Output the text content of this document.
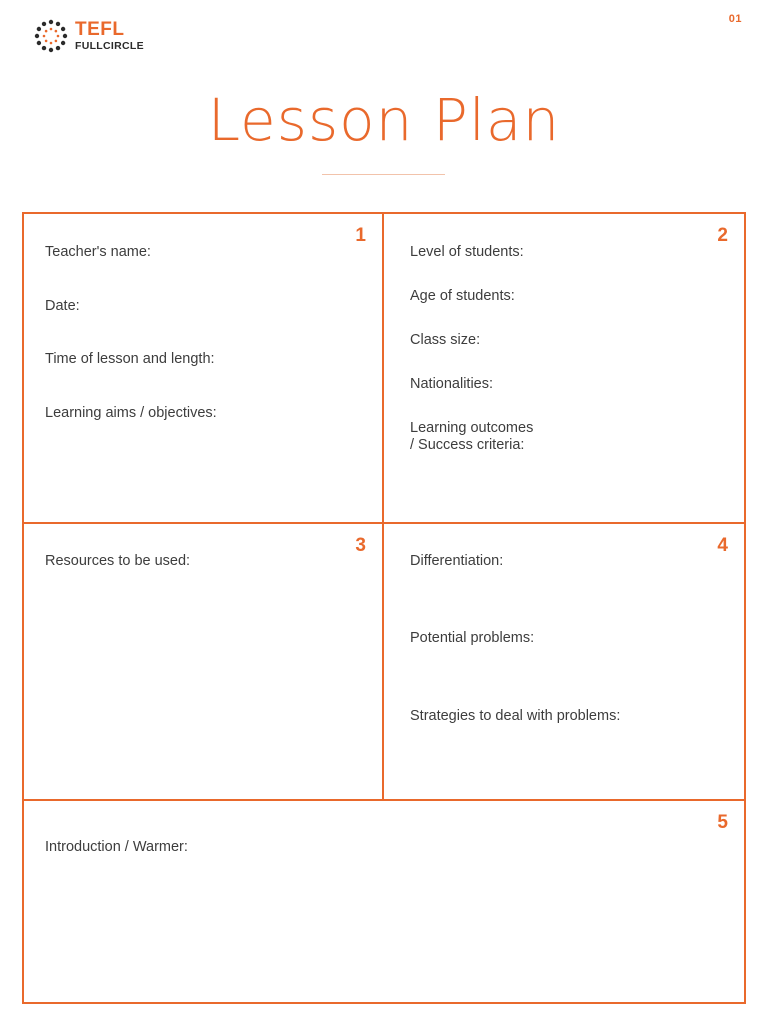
TEFL
FULLCIRCLE
01
Lesson Plan
1

Teacher's name:

Date:

Time of lesson and length:

Learning aims / objectives:

2

Level of students:

Age of students:

Class size:

Nationalities:

Learning outcomes
/ Success criteria:

3

Resources to be used:

4

Differentiation:

Potential problems:

Strategies to deal with problems:

5

Introduction / Warmer:
